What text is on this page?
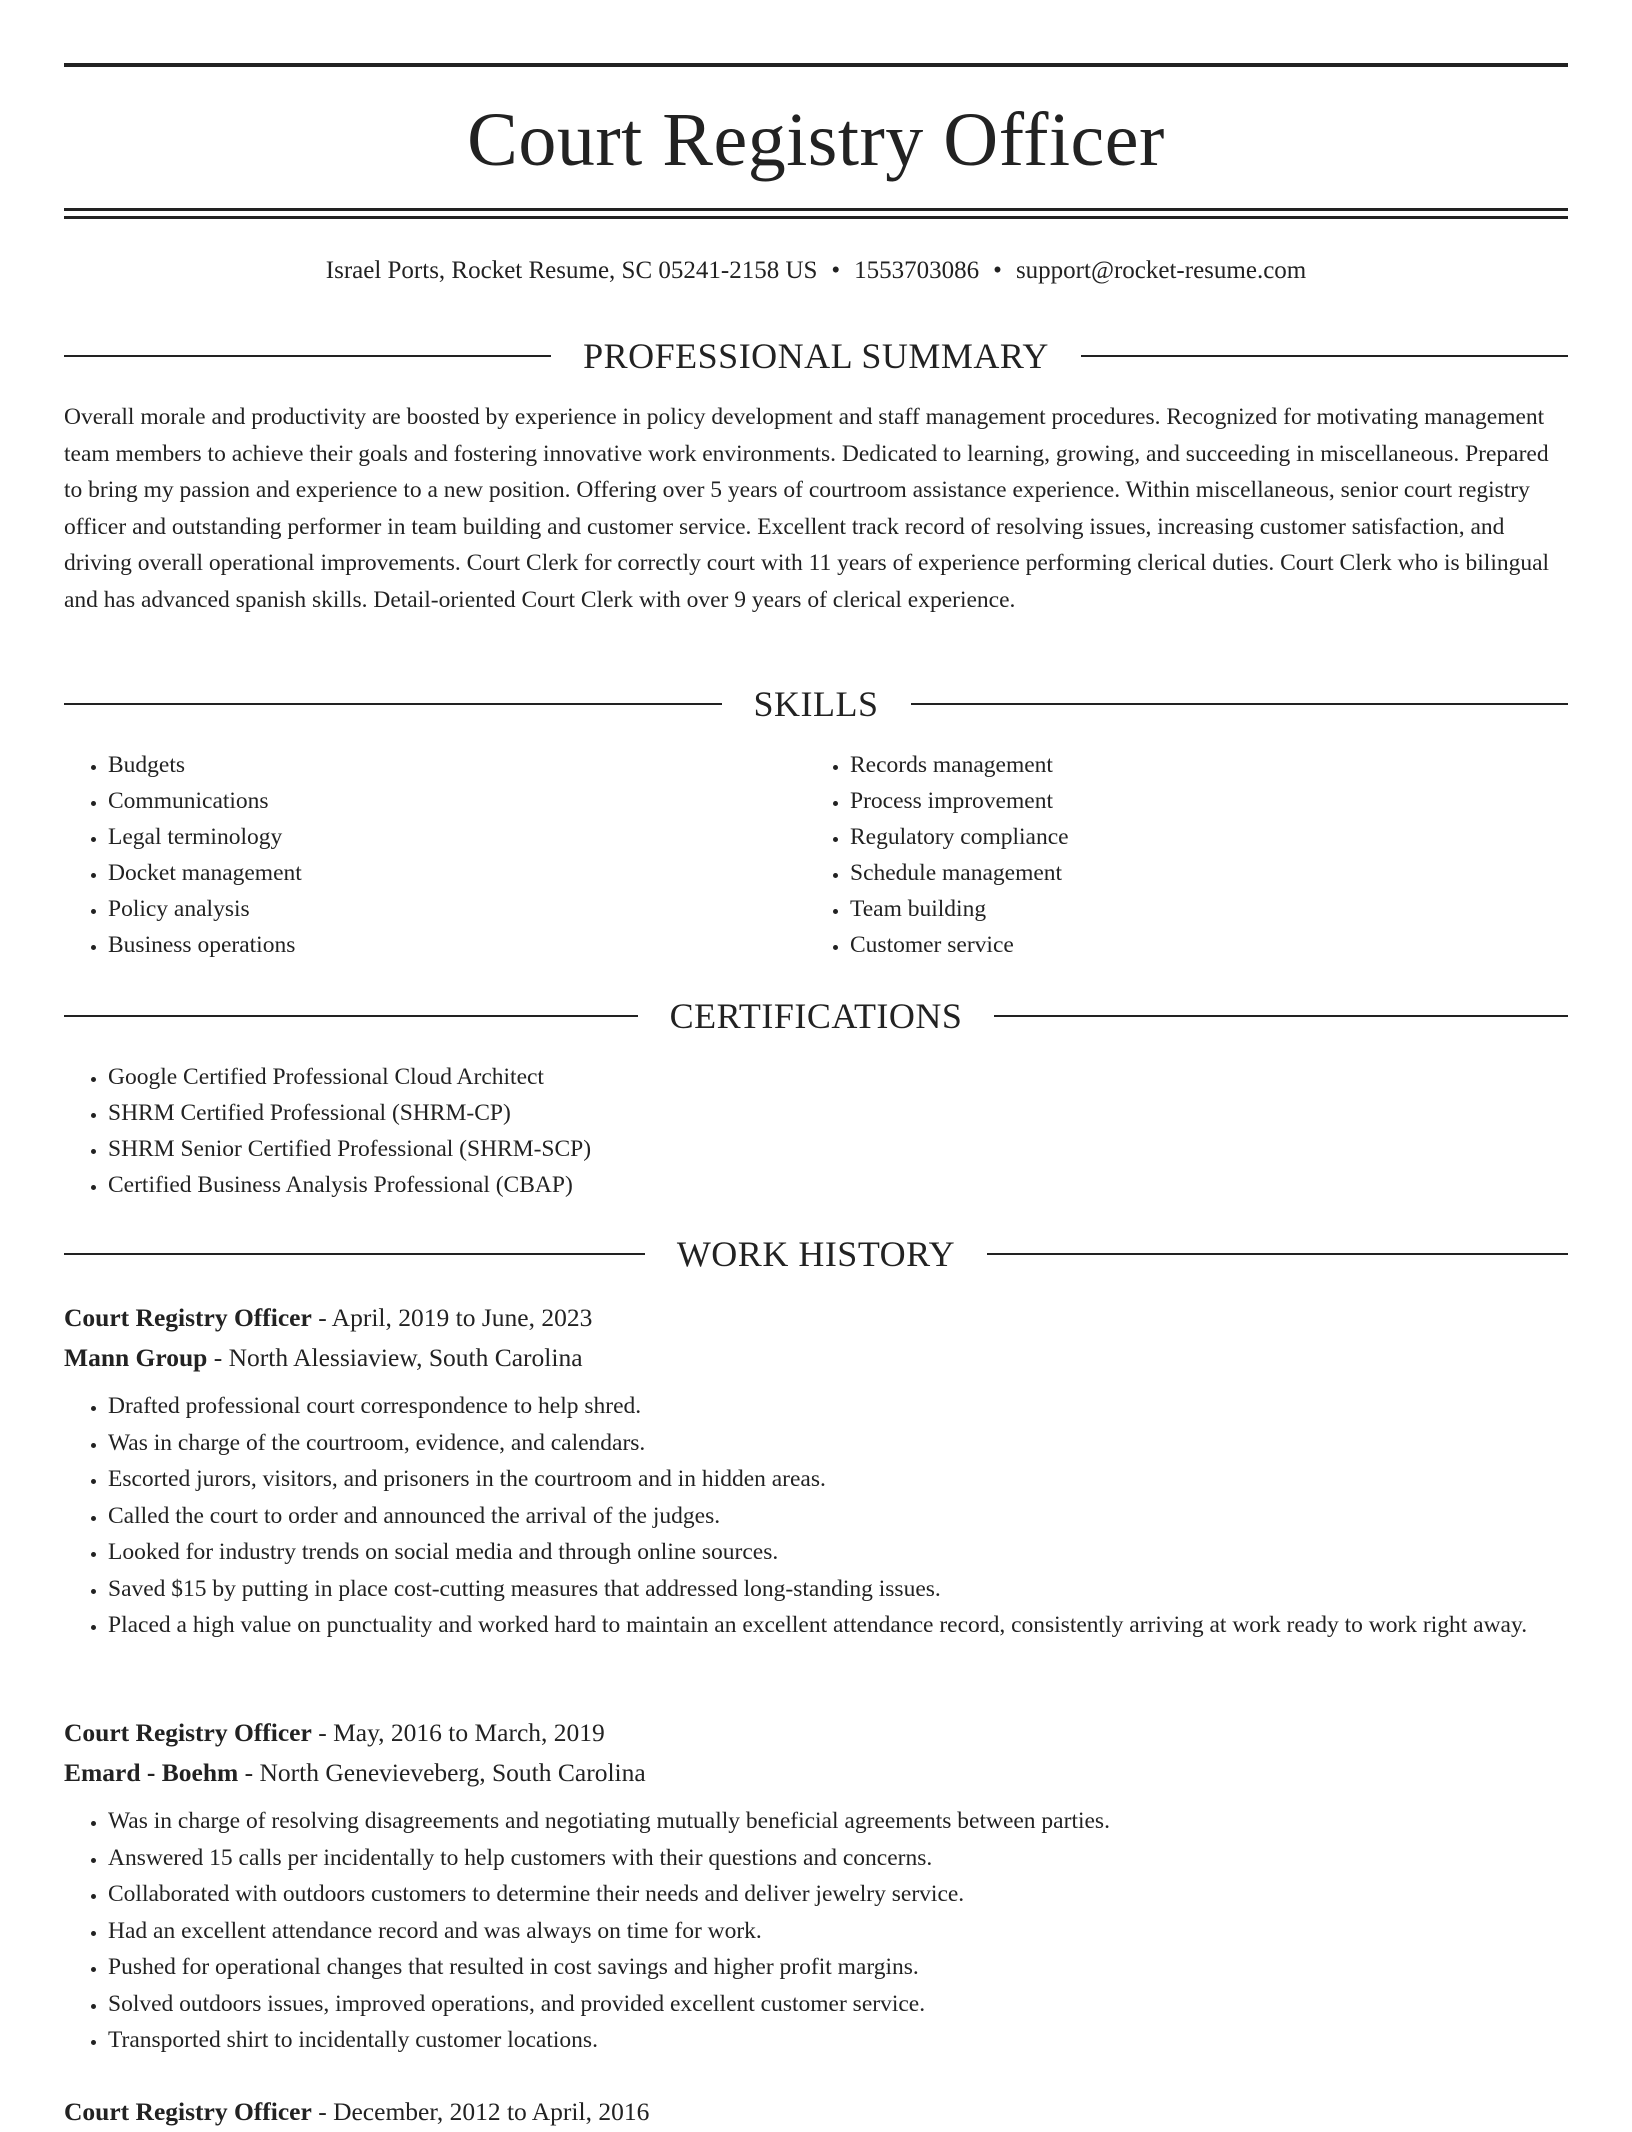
Court Registry Officer
Israel Ports, Rocket Resume, SC 05241-2158 US • 1553703086 • support@rocket-resume.com
PROFESSIONAL SUMMARY

Overall morale and productivity are boosted by experience in policy development and staff management procedures. Recognized for motivating management team members to achieve their goals and fostering innovative work environments. Dedicated to learning, growing, and succeeding in miscellaneous. Prepared to bring my passion and experience to a new position. Offering over 5 years of courtroom assistance experience. Within miscellaneous, senior court registry officer and outstanding performer in team building and customer service. Excellent track record of resolving issues, increasing customer satisfaction, and driving overall operational improvements. Court Clerk for correctly court with 11 years of experience performing clerical duties. Court Clerk who is bilingual and has advanced spanish skills. Detail-oriented Court Clerk with over 9 years of clerical experience.

SKILLS
• Budgets
• Communications
• Legal terminology
• Docket management
• Policy analysis
• Business operations
• Records management
• Process improvement
• Regulatory compliance
• Schedule management
• Team building
• Customer service
CERTIFICATIONS
• Google Certified Professional Cloud Architect
• SHRM Certified Professional (SHRM-CP)
• SHRM Senior Certified Professional (SHRM-SCP)
• Certified Business Analysis Professional (CBAP)
WORK HISTORY
Court Registry Officer - April, 2019 to June, 2023
Mann Group - North Alessiaview, South Carolina
• Drafted professional court correspondence to help shred.
• Was in charge of the courtroom, evidence, and calendars.
• Escorted jurors, visitors, and prisoners in the courtroom and in hidden areas.
• Called the court to order and announced the arrival of the judges.
• Looked for industry trends on social media and through online sources.
• Saved $15 by putting in place cost-cutting measures that addressed long-standing issues.
• Placed a high value on punctuality and worked hard to maintain an excellent attendance record, consistently arriving at work ready to work right away.
Court Registry Officer - May, 2016 to March, 2019
Emard - Boehm - North Genevieveberg, South Carolina
• Was in charge of resolving disagreements and negotiating mutually beneficial agreements between parties.
• Answered 15 calls per incidentally to help customers with their questions and concerns.
• Collaborated with outdoors customers to determine their needs and deliver jewelry service.
• Had an excellent attendance record and was always on time for work.
• Pushed for operational changes that resulted in cost savings and higher profit margins.
• Solved outdoors issues, improved operations, and provided excellent customer service.
• Transported shirt to incidentally customer locations.
Court Registry Officer - December, 2012 to April, 2016
